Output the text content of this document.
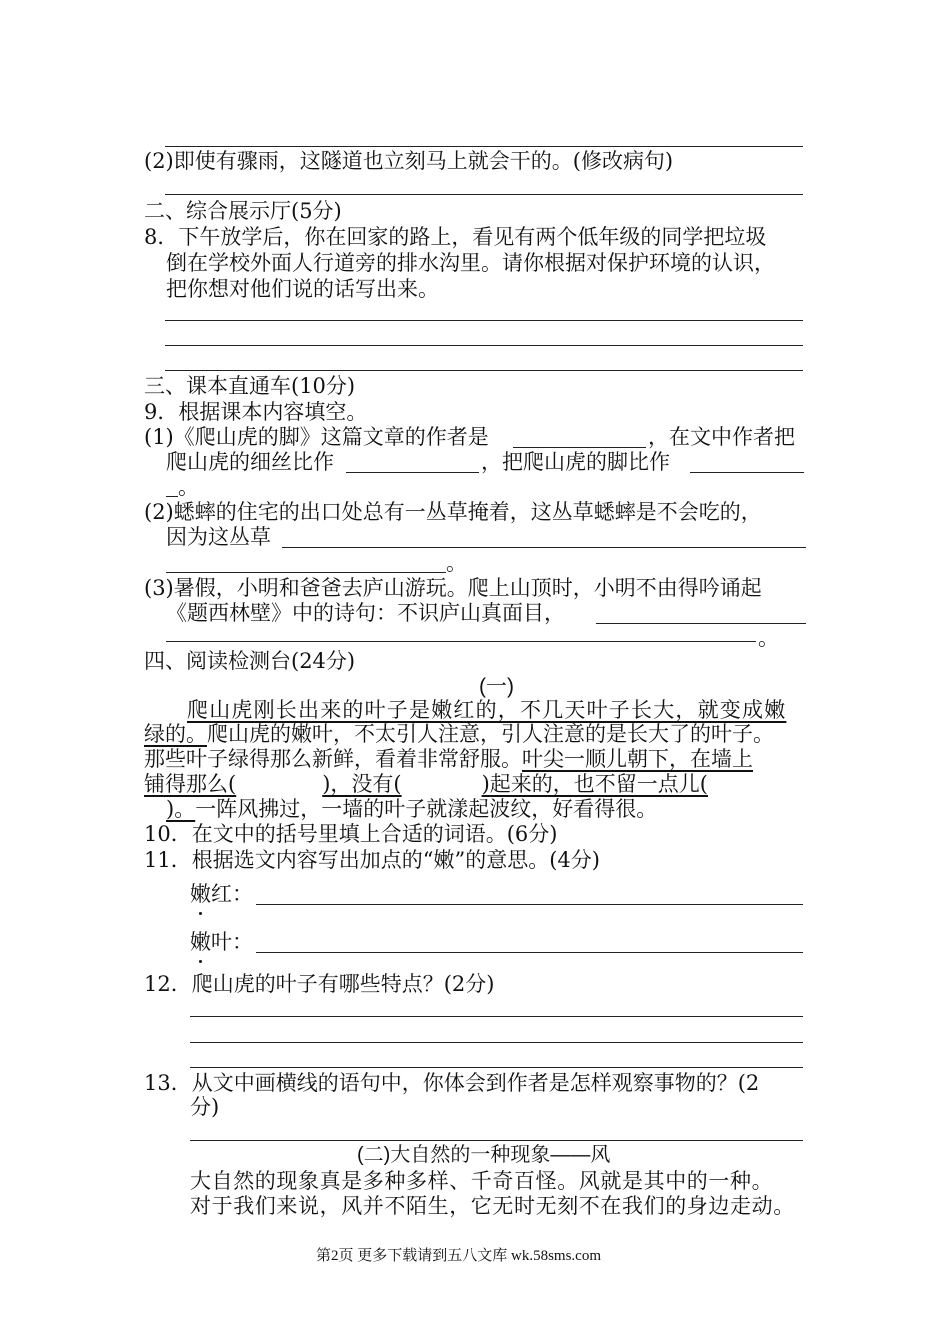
(2)即使有骤雨，这隧道也立刻马上就会干的。(修改病句)
二、综合展示厅(5分)
8．下午放学后，你在回家的路上，看见有两个低年级的同学把垃圾
倒在学校外面人行道旁的排水沟里。请你根据对保护环境的认识，
把你想对他们说的话写出来。
三、课本直通车(10分)
9．根据课本内容填空。
(1)《爬山虎的脚》这篇文章的作者是	，在文中作者把
爬山虎的细丝比作	，把爬山虎的脚比作
。
(2)蟋蟀的住宅的出口处总有一丛草掩着，这丛草蟋蟀是不会吃的，
因为这丛草
。
(3)暑假，小明和爸爸去庐山游玩。爬上山顶时，小明不由得吟诵起
《题西林壁》中的诗句：不识庐山真面目，
。
四、阅读检测台(24分)
(一)
爬山虎刚长出来的叶子是嫩红的，不几天叶子长大，就变成嫩
绿的。爬山虎的嫩叶，不太引人注意，引人注意的是长大了的叶子。
那些叶子绿得那么新鲜，看着非常舒服。叶尖一顺儿朝下，在墙上
铺得那么(	)，没有(	)起来的，也不留一点儿(
)。一阵风拂过，一墙的叶子就漾起波纹，好看得很。
10．在文中的括号里填上合适的词语。(6分)
11．根据选文内容写出加点的“嫩”的意思。(4分)
嫩红：
嫩叶：
12．爬山虎的叶子有哪些特点？(2分)
13．从文中画横线的语句中，你体会到作者是怎样观察事物的？(2
分)
(二)大自然的一种现象——风
大自然的现象真是多种多样、千奇百怪。风就是其中的一种。
对于我们来说，风并不陌生，它无时无刻不在我们的身边走动。
第2页 更多下载请到五八文库 wk.58sms.com
